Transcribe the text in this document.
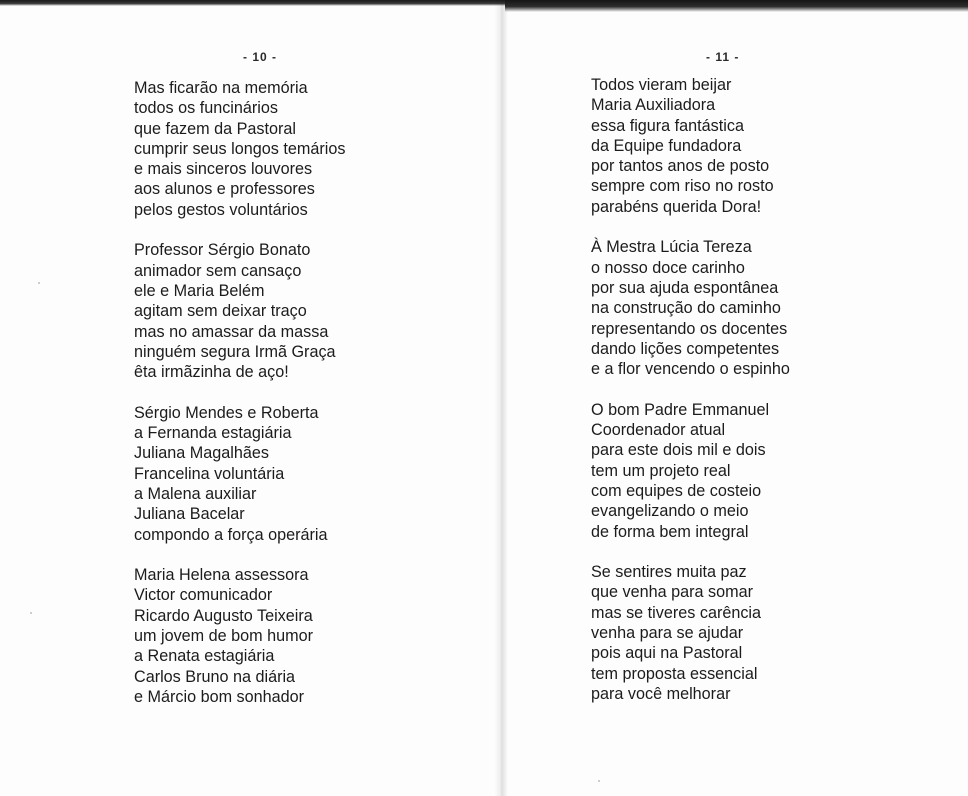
- 10 -
Mas ficarão na memória
todos os funcinários
que fazem da Pastoral
cumprir seus longos temários
e mais sinceros louvores
aos alunos e professores
pelos gestos voluntários
Professor Sérgio Bonato
animador sem cansaço
ele e Maria Belém
agitam sem deixar traço
mas no amassar da massa
ninguém segura Irmã Graça
êta irmãzinha de aço!
Sérgio Mendes e Roberta
a Fernanda estagiária
Juliana Magalhães
Francelina voluntária
a Malena auxiliar
Juliana Bacelar
compondo a força operária
Maria Helena assessora
Victor comunicador
Ricardo Augusto Teixeira
um jovem de bom humor
a Renata estagiária
Carlos Bruno na diária
e Márcio bom sonhador
- 11 -
Todos vieram beijar
Maria Auxiliadora
essa figura fantástica
da Equipe fundadora
por tantos anos de posto
sempre com riso no rosto
parabéns querida Dora!
À Mestra Lúcia Tereza
o nosso doce carinho
por sua ajuda espontânea
na construção do caminho
representando os docentes
dando lições competentes
e a flor vencendo o espinho
O bom Padre Emmanuel
Coordenador atual
para este dois mil e dois
tem um projeto real
com equipes de costeio
evangelizando o meio
de forma bem integral
Se sentires muita paz
que venha para somar
mas se tiveres carência
venha para se ajudar
pois aqui na Pastoral
tem proposta essencial
para você melhorar
